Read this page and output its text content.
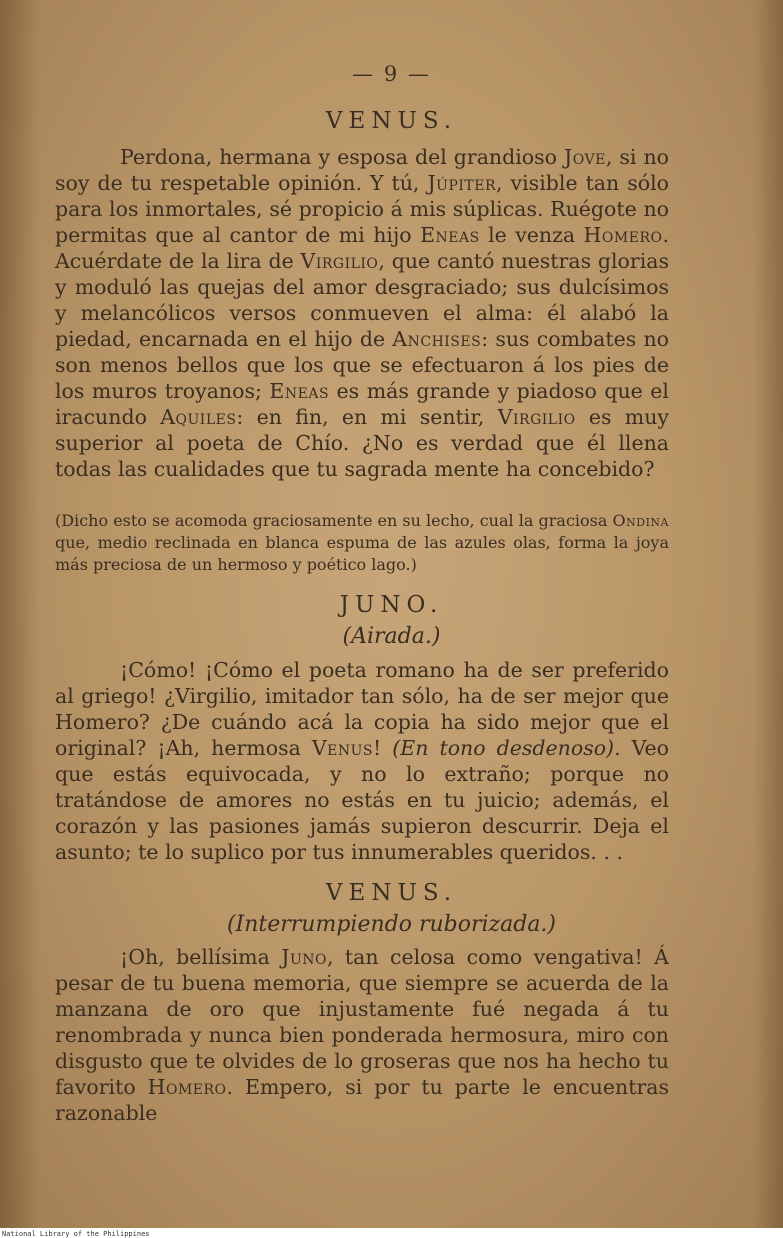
— 9 —
VENUS.

Perdona, hermana y esposa del grandioso Jove, si no soy de tu respetable opinión. Y tú, Júpiter, visible tan sólo para los inmortales, sé propicio á mis súplicas. Ruégote no permitas que al cantor de mi hijo Eneas le venza Homero. Acuérdate de la lira de Virgilio, que cantó nuestras glorias y moduló las quejas del amor desgraciado; sus dulcísimos y melancólicos versos conmueven el alma: él alabó la piedad, encarnada en el hijo de Anchises: sus combates no son menos bellos que los que se efectuaron á los pies de los muros troyanos; Eneas es más grande y piadoso que el iracundo Aquiles: en fin, en mi sentir, Virgilio es muy superior al poeta de Chío. ¿No es verdad que él llena todas las cualidades que tu sagrada mente ha concebido?

(Dicho esto se acomoda graciosamente en su lecho, cual la graciosa Ondina que, medio reclinada en blanca espuma de las azules olas, forma la joya más preciosa de un hermoso y poético lago.)

JUNO.
(Airada.)

¡Cómo! ¡Cómo el poeta romano ha de ser preferido al griego! ¿Virgilio, imitador tan sólo, ha de ser mejor que Homero? ¿De cuándo acá la copia ha sido mejor que el original? ¡Ah, hermosa Venus! (En tono desdenoso). Veo que estás equivocada, y no lo extraño; porque no tratándose de amores no estás en tu juicio; además, el corazón y las pasiones jamás supieron descurrir. Deja el asunto; te lo suplico por tus innumerables queridos. . .

VENUS.
(Interrumpiendo ruborizada.)

¡Oh, bellísima Juno, tan celosa como vengativa! Á pesar de tu buena memoria, que siempre se acuerda de la manzana de oro que injustamente fué negada á tu renombrada y nunca bien ponderada hermosura, miro con disgusto que te olvides de lo groseras que nos ha hecho tu favorito Homero. Empero, si por tu parte le encuentras razonable

National Library of the Philippines
